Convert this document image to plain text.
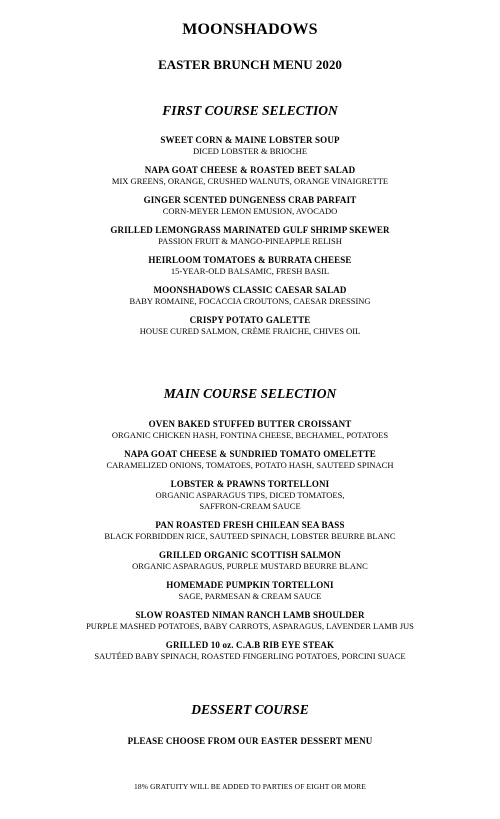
MOONSHADOWS
EASTER BRUNCH MENU 2020
FIRST COURSE SELECTION
SWEET CORN & MAINE LOBSTER SOUP
DICED LOBSTER & BRIOCHE
NAPA GOAT CHEESE & ROASTED BEET SALAD
MIX GREENS, ORANGE, CRUSHED WALNUTS, ORANGE VINAIGRETTE
GINGER SCENTED DUNGENESS CRAB PARFAIT
CORN-MEYER LEMON EMUSION, AVOCADO
GRILLED LEMONGRASS MARINATED GULF SHRIMP SKEWER
PASSION FRUIT & MANGO-PINEAPPLE RELISH
HEIRLOOM TOMATOES & BURRATA CHEESE
15-YEAR-OLD BALSAMIC, FRESH BASIL
MOONSHADOWS CLASSIC CAESAR SALAD
BABY ROMAINE, FOCACCIA CROUTONS, CAESAR DRESSING
CRISPY POTATO GALETTE
HOUSE CURED SALMON, CRÈME FRAICHE, CHIVES OIL
MAIN COURSE SELECTION
OVEN BAKED STUFFED BUTTER CROISSANT
ORGANIC CHICKEN HASH, FONTINA CHEESE, BECHAMEL, POTATOES
NAPA GOAT CHEESE & SUNDRIED TOMATO OMELETTE
CARAMELIZED ONIONS, TOMATOES, POTATO HASH, SAUTEED SPINACH
LOBSTER & PRAWNS TORTELLONI
ORGANIC ASPARAGUS TIPS, DICED TOMATOES,
SAFFRON-CREAM SAUCE
PAN ROASTED FRESH CHILEAN SEA BASS
BLACK FORBIDDEN RICE, SAUTEED SPINACH, LOBSTER BEURRE BLANC
GRILLED ORGANIC SCOTTISH SALMON
ORGANIC ASPARAGUS, PURPLE MUSTARD BEURRE BLANC
HOMEMADE PUMPKIN TORTELLONI
SAGE, PARMESAN & CREAM SAUCE
SLOW ROASTED NIMAN RANCH LAMB SHOULDER
PURPLE MASHED POTATOES, BABY CARROTS, ASPARAGUS, LAVENDER LAMB JUS
GRILLED 10 oz. C.A.B RIB EYE STEAK
SAUTÉED BABY SPINACH, ROASTED FINGERLING POTATOES, PORCINI SUACE
DESSERT COURSE
PLEASE CHOOSE FROM OUR EASTER DESSERT MENU
18% GRATUITY WILL BE ADDED TO PARTIES OF EIGHT OR MORE
